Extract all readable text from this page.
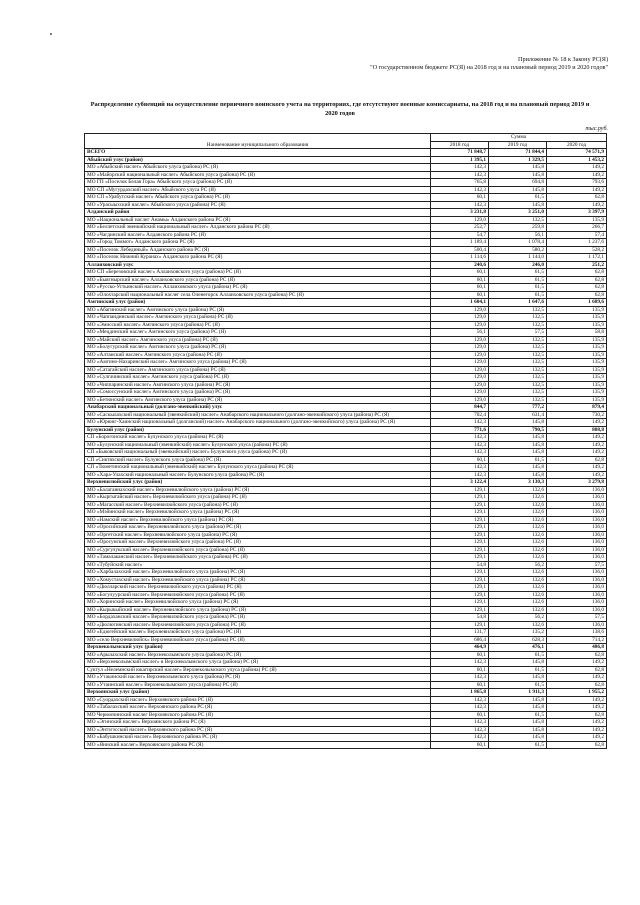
Приложение № 18 к Закону РС(Я)
"О государственном бюджете РС(Я) на 2018 год и на плановый период 2019 и 2020 годов"
Распределение субвенций на осуществление первичного воинского учета на территориях, где отсутствуют военные комиссариаты, на 2018 год и на плановый период 2019 и 2020 годов
тыс.руб.
Наименование муниципального образования	Сумма		
	2018 год	2019 год	2020 год
ВСЕГО	71 848,7	71 844,4	74 571,9
Абыйский улус (район)	1 395,1	1 329,5	1 453,2
МО «Абыйский наслег» Абыйского улуса (района) РС (Я)	142,3	145,8	149,2
МО «Майорский национальный наслег» Абыйского улуса (района) РС (Я)	142,3	145,8	149,2
МО ГП «Поселок Белая Гора» Абыйского улуса (района) РС (Я)	765,8	694,8	793,6
МО СП «Мугурдахский наслег» Абыйского улуса РС (Я)	142,3	145,8	149,2
МО СП «Урабутский наслег» Абыйского улуса (района) РС (Я)	60,1	61,5	62,8
МО «Урасыыхский наслег» Абыйского улуса (района) РС (Я)	142,3	145,8	149,2
Алданский район	3 231,8	3 251,0	3 397,9
МО «Национальный наслег Анамы» Алданского района РС (Я)	129,0	132,5	135,9
МО «Беллетский эвенкийский национальный наслег» Алданского района РС (Я)	252,7	259,8	266,7
МО «Чагдинский наслег» Алданского района РС (Я)	54,7	56,1	57,4
МО «Город Томмот» Алданского района РС (Я)	1 189,4	1 078,4	1 237,6
МО «Поселок Лебединый» Алданского района РС (Я)	500,4	580,2	528,2
МО «Поселок Нижний Куранах» Алданского района РС (Я)	1 114,6	1 144,0	1 172,1
Аллаиховский улус	240,6	246,0	251,2
МО СП «Березовский наслег» Аллаиховского улуса (района) РС (Я)	60,1	61,5	62,8
МО «Быягнырский наслег» Аллаиховского улуса (района) РС (Я)	60,1	61,5	62,8
МО «Русско-Устьинский наслег» Аллаиховского улуса (района) РС (Я)	60,1	61,5	62,8
МО «Олохтарский национальный наслег села Оленегорск Аллаиховского улуса (района) РС (Я)	60,1	61,5	62,8
Амгинский улус (район)	1 604,1	1 647,6	1 689,6
МО «Абагинский наслег» Амгинского улуса (района) РС (Я)	129,0	132,5	135,9
МО «Чаппандинский наслег» Амгинского улуса (района) РС (Я)	129,0	132,5	135,9
МО «Эмисский наслег» Амгинского улуса (района) РС (Я)	129,0	132,5	135,9
МО «Мецдинский наслег» Амгинского улуса (района) РС (Я)	56,1	57,5	58,8
МО «Майский наслег» Амгинского улуса (района) РС (Я)	129,0	132,5	135,9
МО «Болугурский наслег» Амгинского улуса (района) РС (Я)	129,0	132,5	135,9
МО «Алтанский наслег» Амгинского улуса (района) РС (Я)	129,0	132,5	135,9
МО «Амгино-Нахаринский наслег» Амгинского улуса (района) РС (Я)	129,0	132,5	135,9
МО «Сатагайский наслег» Амгинского улуса (района) РС (Я)	129,0	132,5	135,9
МО «Сулгачинский наслег» Амгинского улуса (района) РС (Я)	129,0	132,5	135,9
МО «Чиппаринский наслег» Амгинского улуса (района) РС (Я)	129,0	132,5	135,9
МО «Сомоссунский наслег» Амгинского улуса (района) РС (Я)	129,0	132,5	135,9
МО «Бетюнский наслег» Амгинского улуса (района) РС (Я)	129,0	132,5	135,9
Анабарский национальный (долгано-эвенкийский) улус	844,7	777,2	879,4
МО «Саскылахский национальный (эвенкийский) наслег» Анабарского национального (долгано-эвенкийского) улуса (района) РС (Я)	702,4	631,4	730,2
МО «Юрюнг-Хаинский национальный (долганский) наслег» Анабарского национального (долгано-эвенкийского) улуса (района) РС (Я)	142,3	145,8	149,2
Булунский улус (район)	771,6	790,5	808,8
СП «Борогонский наслег» Булунского улуса (района) РС (Я)	142,3	145,8	149,2
МО «Булунский национальный (эвенкийский) наслег» Булунского улуса (района) РС (Я)	142,3	145,8	149,2
СП «Быковский национальный (эвенкийский) наслег» Булунского улуса (района) РС (Я)	142,3	145,8	149,2
СП «Сиктяхский наслег» Булунского улуса (района) РС (Я)	60,1	61,5	62,8
СП «Тюметинский национальный (эвенкийский) наслег» Булунского улуса (района) РС (Я)	142,3	145,8	149,2
МО «Хара-Улахский национальный наслег» Булунского улуса (района) РС (Я)	142,3	145,8	149,2
Верхневилюйский улус (район)	3 122,4	3 130,3	3 279,8
МО «Балаганнахский наслег» Верхневилюйского улуса (района) РС (Я)	129,1	132,6	136,0
МО «Кыргыгайский наслег» Верхневилюйского улуса (района) РС (Я)	129,1	132,6	136,0
МО «Магасский наслег» Верхневилюйского улуса (района) РС (Я)	129,1	132,6	136,0
МО «Мэйинский наслег» Верхневилюйского улуса (района) РС (Я)	129,1	132,6	136,0
МО «Намский наслег» Верхневилюйского улуса (района) РС (Я)	129,1	132,6	136,0
МО «Оросийский наслег» Верхневилюйского улуса (района) РС (Я)	129,1	132,6	136,0
МО «Оргетский наслег» Верхневилюйского улуса (района) РС (Я)	129,1	132,6	136,0
МО «Оросунский наслег» Верхневилюйского улуса (района) РС (Я)	129,1	132,6	136,0
МО «Сургулукский наслег» Верхневилюйского улуса (района) РС (Я)	129,1	132,6	136,0
МО «Тамалаканский наслег» Верхневилюйского улуса (района) РС (Я)	129,1	132,6	136,0
МО «Тубуйский наслег»	54,8	56,2	57,5
МО «Харбалахский наслег» Верхневилюйского улуса (района) РС (Я)	129,1	132,6	136,0
МО «Хомустахский наслег» Верхневилюйского улуса (района) РС (Я)	129,1	132,6	136,0
МО «Дюлларский наслег» Верхневилюйского улуса (района) РС (Я)	129,1	132,6	136,0
МО «Богулуурский наслег» Верхневилюйского улуса (района) РС (Я)	129,1	132,6	136,0
МО «Хоринский наслег» Верхневилюйского улуса (района) РС (Я)	129,1	132,6	136,0
МО «Кырыкыйский наслег» Верхневилюйского улуса (района) РС (Я)	129,1	132,6	136,0
МО «Бордаханский наслег» Верхневилюйского улуса (района) РС (Я)	54,8	56,2	57,5
МО «Дюлюгинский наслег» Верхневилюйского улуса (района) РС (Я)	129,1	132,6	136,0
МО «Едюгейский наслег» Верхневилюйского улуса (района) РС (Я)	131,7	135,2	138,6
МО «село Верхневилюйск» Верхневилюйского улуса (района) РС (Я)	686,4	628,3	714,2
Верхнеколымский улус (район)	464,9	476,1	486,8
МО «Арылахский наслег» Верхнеколымского улуса (района) РС (Я)	60,1	61,5	62,8
МО «Верхнеколымский наслег» в Верхнеколымского улуса (района) РС (Я)	142,3	145,8	149,2
Суктул «Нелемнский юкагирский наслег» Верхнеколымского улуса (района) РС (Я)	60,1	61,5	62,8
МО «Утаьинский наслег» Верхнеколымского улуса (района) РС (Я)	142,3	145,8	149,2
МО «Утаинский наслег» Верхнеколымского улуса (района) РС (Я)	60,1	61,5	62,8
Верхоянский улус (район)	1 865,8	1 911,3	1 955,2
МО «Суордахский наслег» Верхоянского района РС (Я)	142,3	145,8	149,2
МО «Табалахский наслег» Верхоянского района РС (Я)	142,3	145,8	149,2
МО Черюмчинский наслег Верхоянского района РС (Я)	60,1	61,5	62,8
МО «Эгинский наслег» Верхоянского района РС (Я)	142,3	145,8	149,2
МО «Энтэгэсский наслег» Верхоянского района РС (Я)	142,3	145,8	149,2
МО «Бабушкинский наслег» Верхоянского района РС (Я)	142,3	145,8	149,2
МО «Яниский наслег» Верхоянского района РС (Я)	60,1	61,5	62,8
